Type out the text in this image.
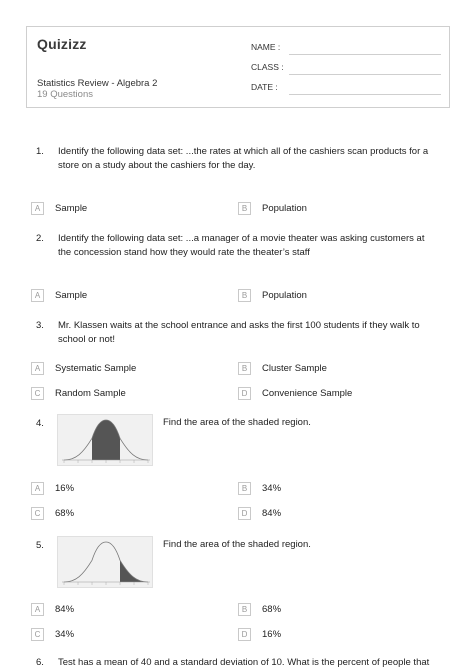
Quizizz
Statistics Review - Algebra 2
19 Questions
NAME :
CLASS :
DATE :
1. Identify the following data set: ...the rates at which all of the cashiers scan products for a store on a study about the cashiers for the day.
A	Sample	B	Population
2. Identify the following data set: ...a manager of a movie theater was asking customers at the concession stand how they would rate the theater’s staff
A	Sample	B	Population
3. Mr. Klassen waits at the school entrance and asks the first 100 students if they walk to school or not!
A	Systematic Sample	B	Cluster Sample
C	Random Sample	D	Convenience Sample
4.	Find the area of the shaded region.
A	16%	B	34%
C	68%	D	84%
5.	Find the area of the shaded region.
A	84%	B	68%
C	34%	D	16%
6. Test has a mean of 40 and a standard deviation of 10. What is the percent of people that
